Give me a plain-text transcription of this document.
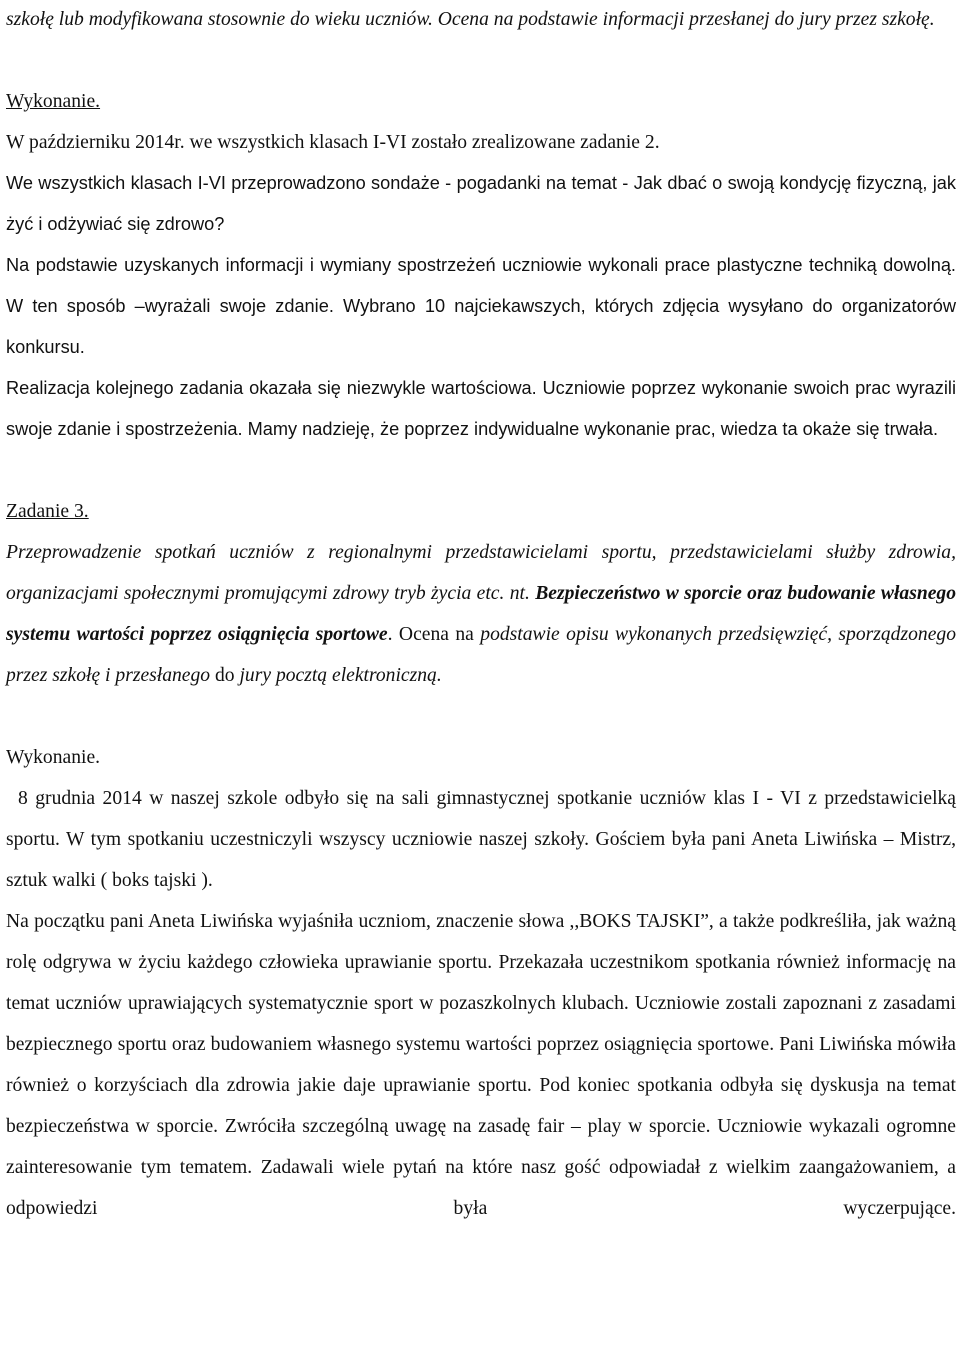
szkołę lub modyfikowana stosownie do wieku uczniów. Ocena na podstawie informacji przesłanej do jury przez szkołę.

Wykonanie.

W październiku 2014r. we wszystkich klasach I-VI zostało zrealizowane zadanie 2.

We wszystkich klasach I-VI przeprowadzono sondaże - pogadanki na temat - Jak dbać o swoją kondycję fizyczną, jak żyć i odżywiać się zdrowo?

Na podstawie uzyskanych informacji i wymiany spostrzeżeń uczniowie wykonali prace plastyczne techniką dowolną. W ten sposób –wyrażali swoje zdanie. Wybrano 10 najciekawszych, których zdjęcia wysyłano do organizatorów konkursu.

Realizacja kolejnego zadania okazała się niezwykle wartościowa. Uczniowie poprzez wykonanie swoich prac wyrazili swoje zdanie i spostrzeżenia. Mamy nadzieję, że poprzez indywidualne wykonanie prac, wiedza ta okaże się trwała.

Zadanie 3.

Przeprowadzenie spotkań uczniów z regionalnymi przedstawicielami sportu, przedstawicielami służby zdrowia, organizacjami społecznymi promującymi zdrowy tryb życia etc. nt. Bezpieczeństwo w sporcie oraz budowanie własnego systemu wartości poprzez osiągnięcia sportowe. Ocena na podstawie opisu wykonanych przedsięwzięć, sporządzonego przez szkołę i przesłanego do jury pocztą elektroniczną.

Wykonanie.

8 grudnia 2014 w naszej szkole odbyło się na sali gimnastycznej spotkanie uczniów klas I - VI z przedstawicielką sportu. W tym spotkaniu uczestniczyli wszyscy uczniowie naszej szkoły. Gościem była pani Aneta Liwińska – Mistrz, sztuk walki ( boks tajski ).

Na początku pani Aneta Liwińska wyjaśniła uczniom, znaczenie słowa ,,BOKS TAJSKI”, a także podkreśliła, jak ważną rolę odgrywa w życiu każdego człowieka uprawianie sportu. Przekazała uczestnikom spotkania również informację na temat uczniów uprawiających systematycznie sport w pozaszkolnych klubach. Uczniowie zostali zapoznani z zasadami bezpiecznego sportu oraz budowaniem własnego systemu wartości poprzez osiągnięcia sportowe. Pani Liwińska mówiła również o korzyściach dla zdrowia jakie daje uprawianie sportu. Pod koniec spotkania odbyła się dyskusja na temat bezpieczeństwa w sporcie. Zwróciła szczególną uwagę na zasadę fair – play w sporcie. Uczniowie wykazali ogromne zainteresowanie tym tematem. Zadawali wiele pytań na które nasz gość odpowiadał z wielkim zaangażowaniem, a odpowiedzi była wyczerpujące.
